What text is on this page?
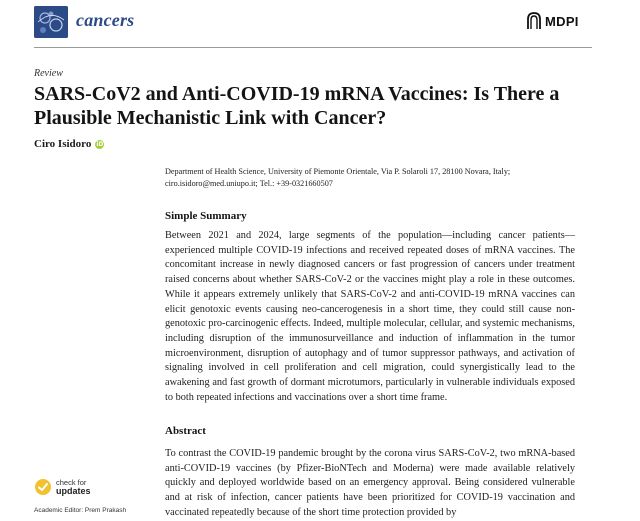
cancers	MDPI
Review
SARS-CoV2 and Anti-COVID-19 mRNA Vaccines: Is There a Plausible Mechanistic Link with Cancer?
Ciro Isidoro iD
Department of Health Science, University of Piemonte Orientale, Via P. Solaroli 17, 28100 Novara, Italy;
ciro.isidoro@med.uniupo.it; Tel.: +39-0321660507
Simple Summary

Between 2021 and 2024, large segments of the population—including cancer patients—experienced multiple COVID-19 infections and received repeated doses of mRNA vaccines. The concomitant increase in newly diagnosed cancers or fast progression of cancers under treatment raised concerns about whether SARS-CoV-2 or the vaccines might play a role in these outcomes. While it appears extremely unlikely that SARS-CoV-2 and anti-COVID-19 mRNA vaccines can elicit genotoxic events causing neo-cancerogenesis in a short time, they could still cause non-genotoxic pro-carcinogenic effects. Indeed, multiple molecular, cellular, and systemic mechanisms, including disruption of the immunosurveillance and induction of inflammation in the tumor microenvironment, disruption of autophagy and of tumor suppressor pathways, and activation of signaling involved in cell proliferation and cell migration, could synergistically lead to the awakening and fast growth of dormant microtumors, particularly in vulnerable individuals exposed to both repeated infections and vaccinations over a short time frame.

Abstract

To contrast the COVID-19 pandemic brought by the corona virus SARS-CoV-2, two mRNA-based anti-COVID-19 vaccines (by Pfizer-BioNTech and Moderna) were made available relatively quickly and deployed worldwide based on an emergency approval. Being considered vulnerable and at risk of infection, cancer patients have been prioritized for COVID-19 vaccination and vaccinated repeatedly because of the short time protection provided by

check for
updates
Academic Editor: Prem Prakash
